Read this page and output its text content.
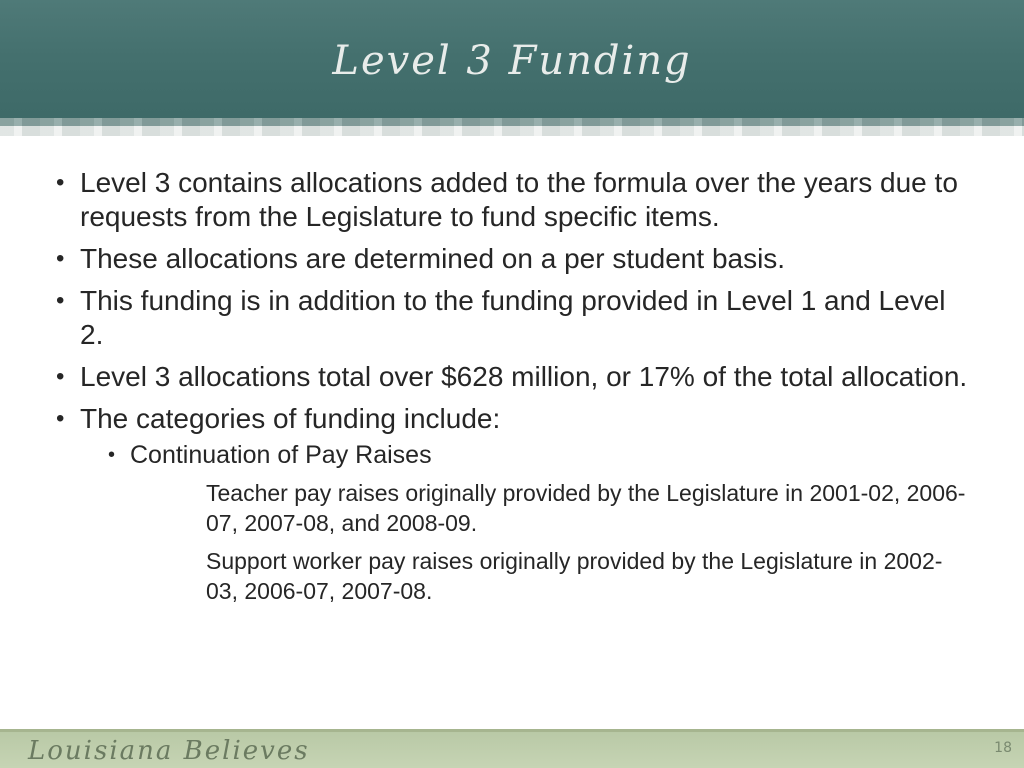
Level 3 Funding
• Level 3 contains allocations added to the formula over the years due to requests from the Legislature to fund specific items.
• These allocations are determined on a per student basis.
• This funding is in addition to the funding provided in Level 1 and Level 2.
• Level 3 allocations total over $628 million, or 17% of the total allocation.
• The categories of funding include:
• Continuation of Pay Raises
Teacher pay raises originally provided by the Legislature in 2001-02, 2006-07, 2007-08, and 2008-09.
Support worker pay raises originally provided by the Legislature in 2002-03, 2006-07, 2007-08.
Louisiana Believes	18
